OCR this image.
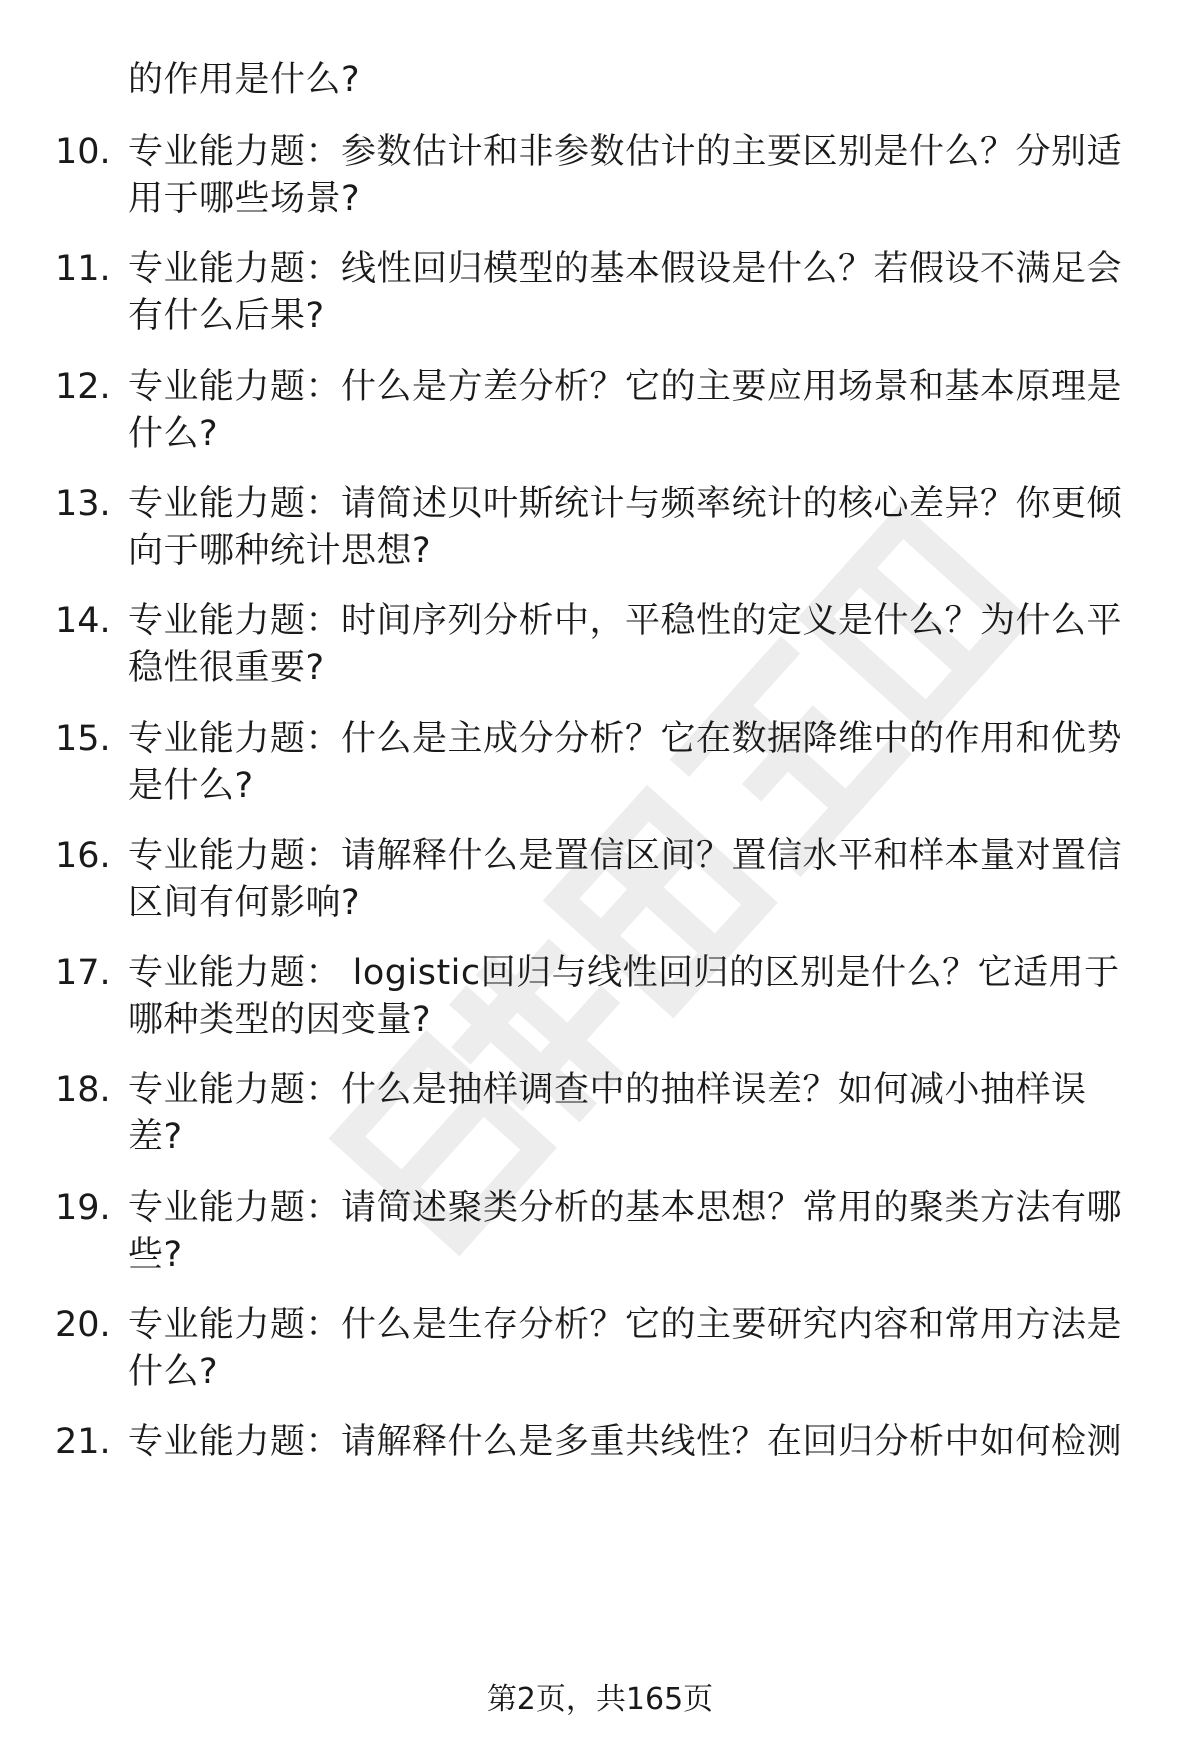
的作用是什么?
10. 专业能力题：参数估计和非参数估计的主要区别是什么？分别适
用于哪些场景?
11. 专业能力题：线性回归模型的基本假设是什么？若假设不满足会
有什么后果?
12. 专业能力题：什么是方差分析？它的主要应用场景和基本原理是
什么?
13. 专业能力题：请简述贝叶斯统计与频率统计的核心差异？你更倾
向于哪种统计思想?
14. 专业能力题：时间序列分析中，平稳性的定义是什么？为什么平
稳性很重要?
15. 专业能力题：什么是主成分分析？它在数据降维中的作用和优势
是什么?
16. 专业能力题：请解释什么是置信区间？置信水平和样本量对置信
区间有何影响?
17. 专业能力题： logistic回归与线性回归的区别是什么？它适用于
哪种类型的因变量?
18. 专业能力题：什么是抽样调查中的抽样误差？如何减小抽样误
差?
19. 专业能力题：请简述聚类分析的基本思想？常用的聚类方法有哪
些?
20. 专业能力题：什么是生存分析？它的主要研究内容和常用方法是
什么?
21. 专业能力题：请解释什么是多重共线性？在回归分析中如何检测
第2页，共165页
